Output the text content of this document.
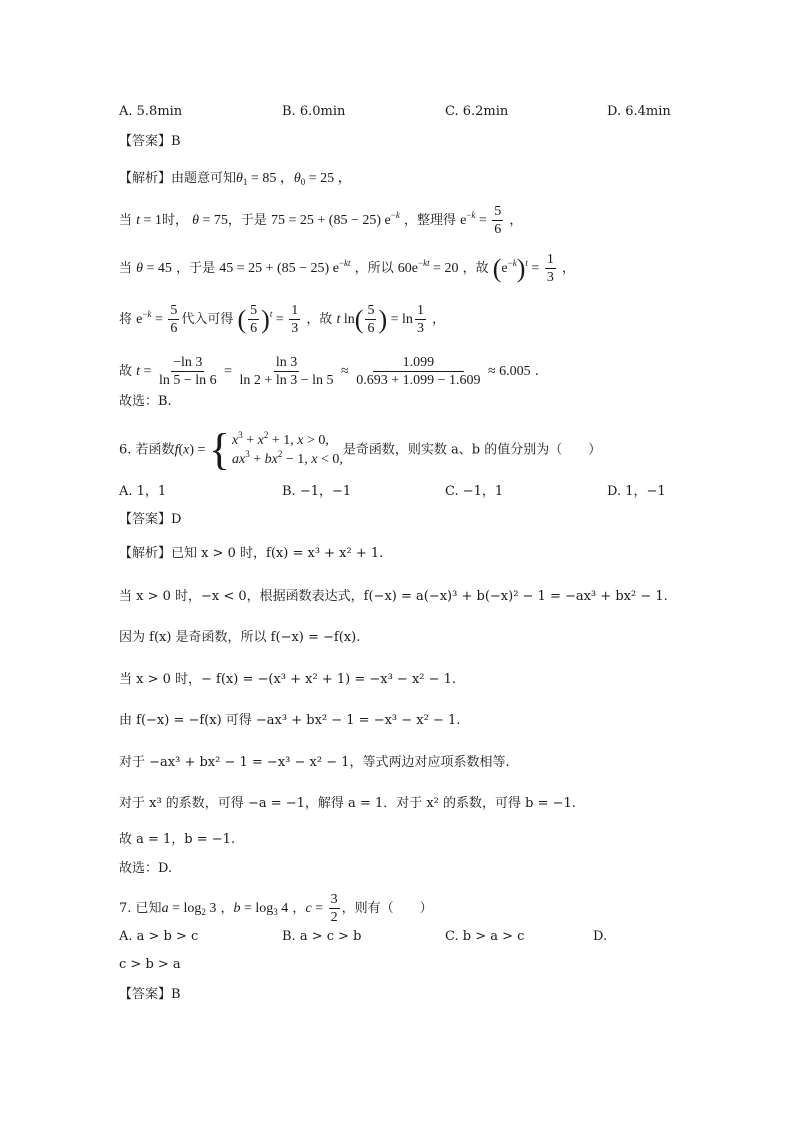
A. 5.8min	B. 6.0min	C. 6.2min	D. 6.4min
【答案】B
【解析】由题意可知$\theta_1 = 85$ ，$\theta_0 = 25$ ，
当 t = 1时， θ = 75，于是 75 = 25 + (85 − 25) $e^{-k}$ ，整理得 $e^{-k} = \frac{5}{6}$ ，
当 θ = 45 ，于是 45 = 25 + (85 − 25) $e^{-kt}$ ，所以 $60e^{-kt} = 20$ ，故 $(e^{-k})^t = \frac{1}{3}$ ，
将 $e^{-k} = \frac{5}{6}$ 代入可得 ( $\frac{5}{6} )^t = \frac{1}{3}$ ，故 t $\ln( \frac{5}{6}$ ) = $\ln \frac{1}{3}$ ，
故 $t = \frac{-\ln 3}{\ln 5 - \ln 6} = \frac{\ln 3}{\ln 2 + \ln 3 - \ln 5} \approx \frac{1.099}{0.693 + 1.099 - 1.609} \approx 6.005$ .
故选：B.
6. 若函数f(x) = { $x^3 + x^2 + 1$, x > 0,
$ax^3 + bx^2 - 1$, x < 0,
是奇函数，则实数 a、b 的值分别为（　　）
A. 1，1	B. −1，−1	C. −1，1	D. 1，−1
【答案】D
【解析】已知 x > 0 时，f(x) = x³ + x² + 1.
当 x > 0 时，−x < 0，根据函数表达式，f(−x) = a(−x)³ + b(−x)² − 1 = −ax³ + bx² − 1.
因为 f(x) 是奇函数，所以 f(−x) = −f(x).
当 x > 0 时，− f(x) = −(x³ + x² + 1) = −x³ − x² − 1.
由 f(−x) = −f(x) 可得 −ax³ + bx² − 1 = −x³ − x² − 1.
对于 −ax³ + bx² − 1 = −x³ − x² − 1，等式两边对应项系数相等.
对于 x³ 的系数，可得 −a = −1，解得 a = 1．对于 x² 的系数，可得 b = −1.
故 a = 1，b = −1.
故选：D.
7. 已知$a = \log_2 3$ ，$b = \log_3 4$ ，$c = \frac{3}{2}$ ，则有（　　）
A. a > b > c	B. a > c > b	C. b > a > c	D.
c > b > a
【答案】B
